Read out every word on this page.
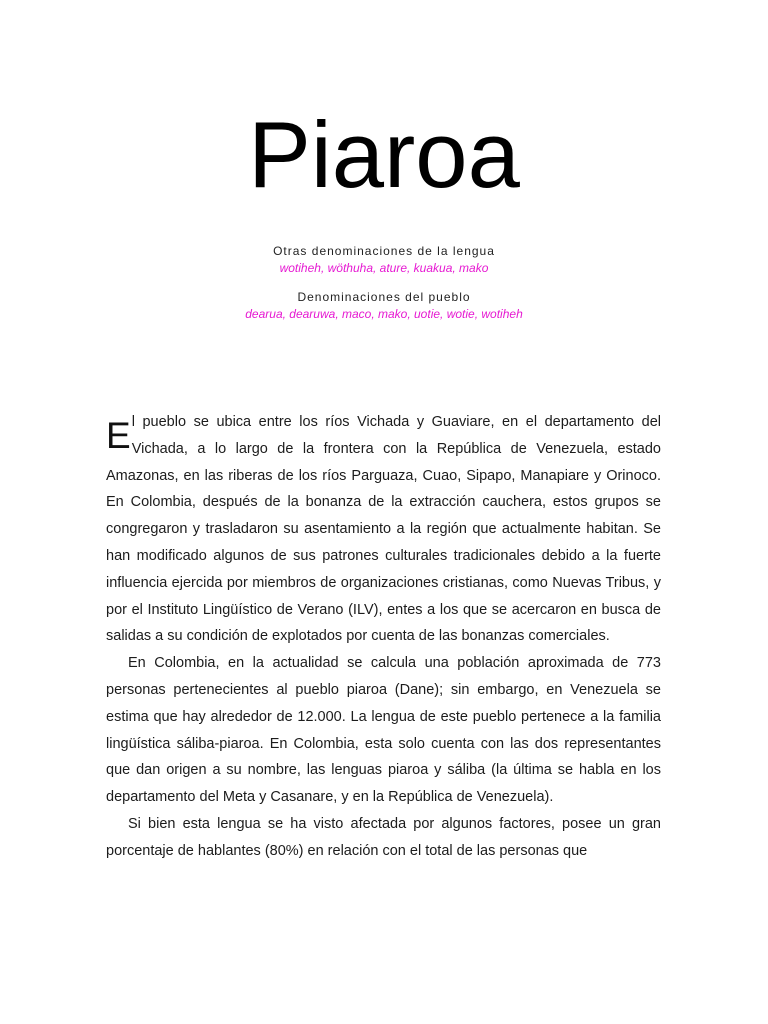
Piaroa
Otras denominaciones de la lengua
wotiheh, wöthuha, ature, kuakua, mako
Denominaciones del pueblo
dearua, dearuwa, maco, mako, uotie, wotie, wotiheh

El pueblo se ubica entre los ríos Vichada y Guaviare, en el departamento del Vichada, a lo largo de la frontera con la República de Venezuela, estado Amazonas, en las riberas de los ríos Parguaza, Cuao, Sipapo, Manapiare y Orinoco. En Colombia, después de la bonanza de la extracción cauchera, estos grupos se congregaron y trasladaron su asentamiento a la región que actualmente habitan. Se han modificado algunos de sus patrones culturales tradicionales debido a la fuerte influencia ejercida por miembros de organizaciones cristianas, como Nuevas Tribus, y por el Instituto Lingüístico de Verano (ILV), entes a los que se acercaron en busca de salidas a su condición de explotados por cuenta de las bonanzas comerciales.

En Colombia, en la actualidad se calcula una población aproximada de 773 personas pertenecientes al pueblo piaroa (Dane); sin embargo, en Venezuela se estima que hay alrededor de 12.000. La lengua de este pueblo pertenece a la familia lingüística sáliba-piaroa. En Colombia, esta solo cuenta con las dos representantes que dan origen a su nombre, las lenguas piaroa y sáliba (la última se habla en los departamento del Meta y Casanare, y en la República de Venezuela).

Si bien esta lengua se ha visto afectada por algunos factores, posee un gran porcentaje de hablantes (80%) en relación con el total de las personas que
